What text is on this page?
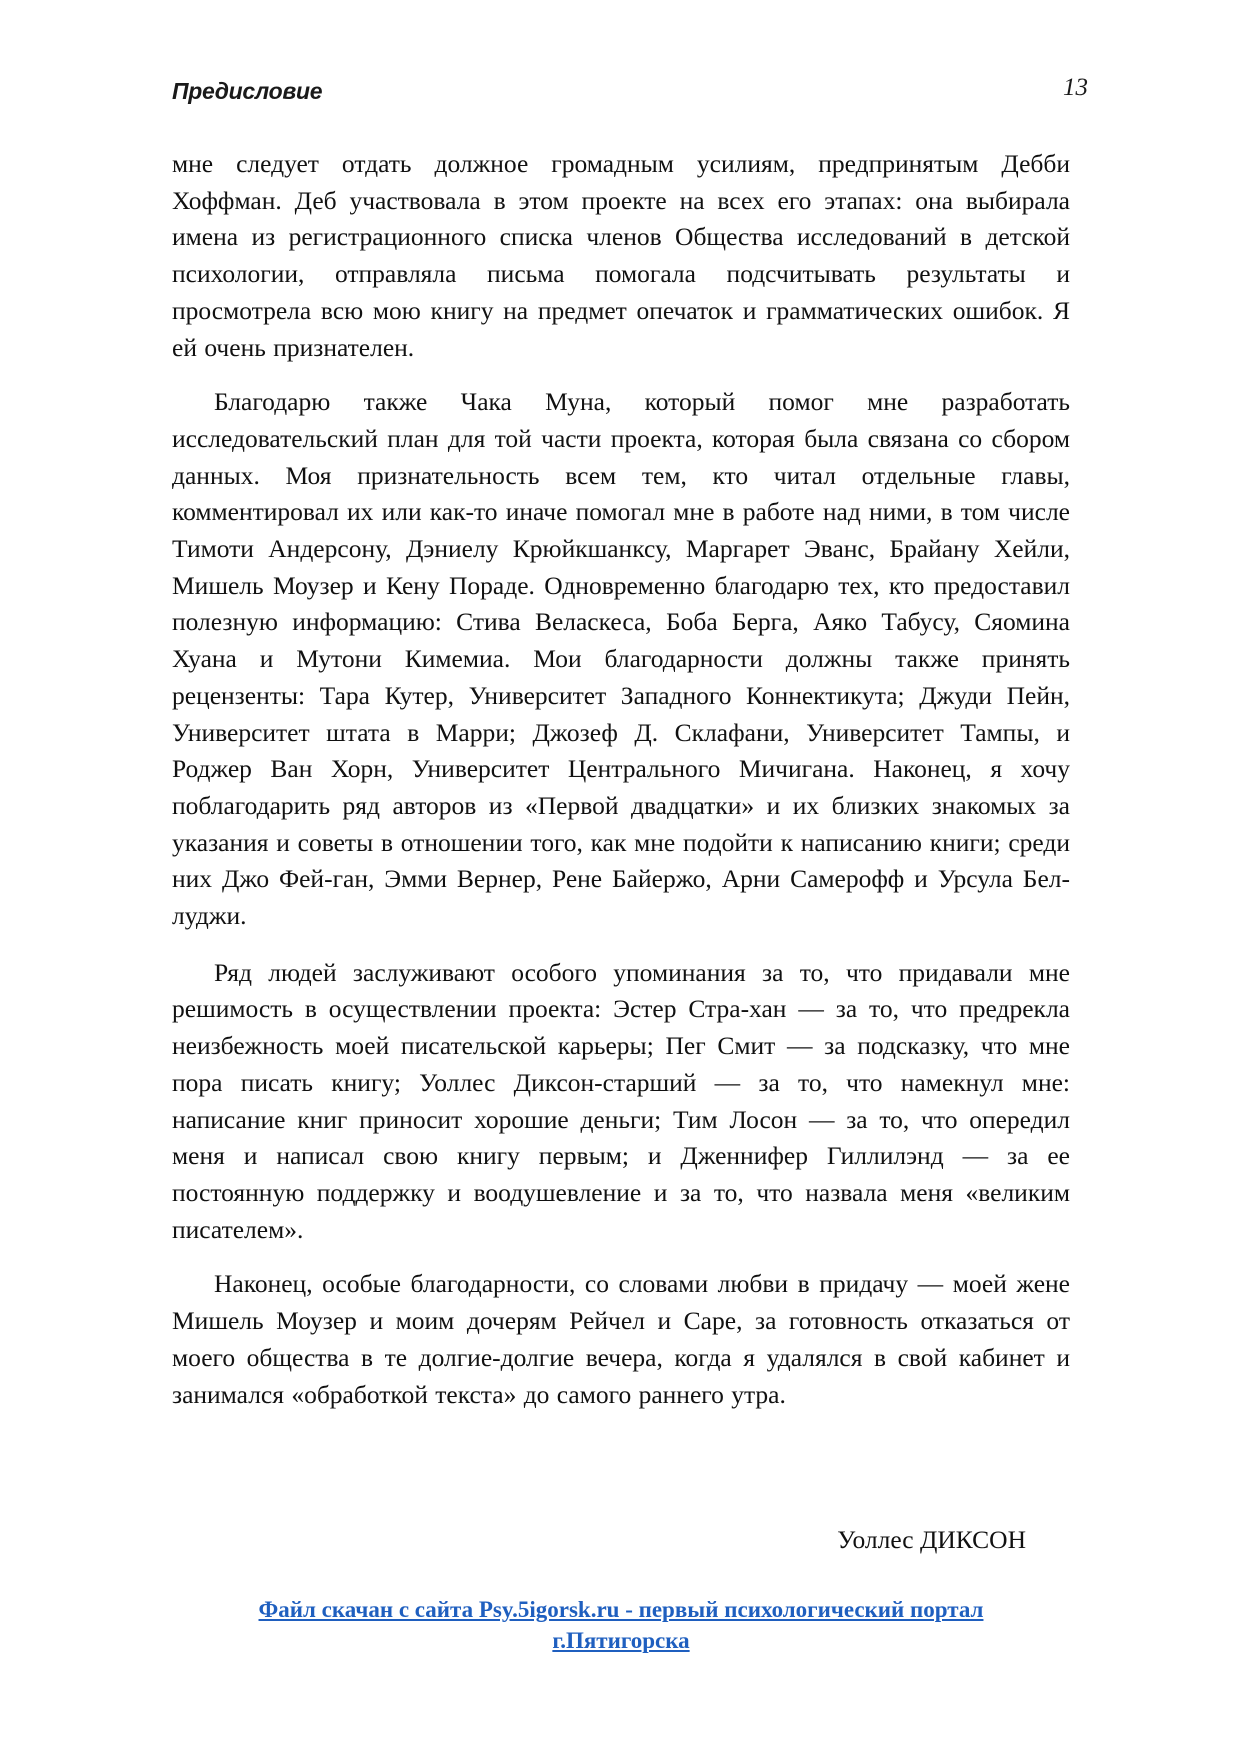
Предисловие	13

мне следует отдать должное громадным усилиям, предпринятым Дебби Хоффман. Деб участвовала в этом проекте на всех его этапах: она выбирала имена из регистрационного списка членов Общества исследований в детской психологии, отправляла письма помогала подсчитывать результаты и просмотрела всю мою книгу на предмет опечаток и грамматических ошибок. Я ей очень признателен.

Благодарю также Чака Муна, который помог мне разработать исследовательский план для той части проекта, которая была связана со сбором данных. Моя признательность всем тем, кто читал отдельные главы, комментировал их или как-то иначе помогал мне в работе над ними, в том числе Тимоти Андерсону, Дэниелу Крюйкшанксу, Маргарет Эванс, Брайану Хейли, Мишель Моузер и Кену Пораде. Одновременно благодарю тех, кто предоставил полезную информацию: Стива Веласкеса, Боба Берга, Аяко Табусу, Сяомина Хуана и Мутони Кимемиа. Мои благодарности должны также принять рецензенты: Тара Кутер, Университет Западного Коннектикута; Джуди Пейн, Университет штата в Марри; Джозеф Д. Склафани, Университет Тампы, и Роджер Ван Хорн, Университет Центрального Мичигана. Наконец, я хочу поблагодарить ряд авторов из «Первой двадцатки» и их близких знакомых за указания и советы в отношении того, как мне подойти к написанию книги; среди них Джо Фей-ган, Эмми Вернер, Рене Байержо, Арни Самерофф и Урсула Бел-луджи.

Ряд людей заслуживают особого упоминания за то, что придавали мне решимость в осуществлении проекта: Эстер Стра-хан — за то, что предрекла неизбежность моей писательской карьеры; Пег Смит — за подсказку, что мне пора писать книгу; Уоллес Диксон-старший — за то, что намекнул мне: написание книг приносит хорошие деньги; Тим Лосон — за то, что опередил меня и написал свою книгу первым; и Дженнифер Гиллилэнд — за ее постоянную поддержку и воодушевление и за то, что назвала меня «великим писателем».

Наконец, особые благодарности, со словами любви в придачу — моей жене Мишель Моузер и моим дочерям Рейчел и Саре, за готовность отказаться от моего общества в те долгие-долгие вечера, когда я удалялся в свой кабинет и занимался «обработкой текста» до самого раннего утра.

Уоллес ДИКСОН
Файл скачан с сайта Psy.5igorsk.ru - первый психологический портал
г.Пятигорска
